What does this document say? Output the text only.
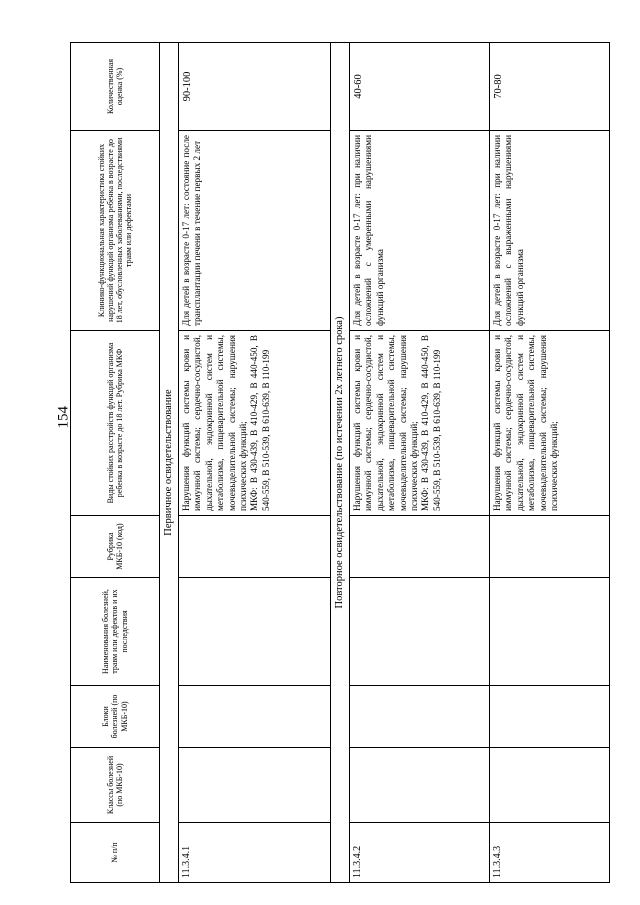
154
№ п/п	Классы болезней (по МКБ-10)	Блоки болезней (по МКБ-10)	Наименования болезней, травм или дефектов и их последствия	Рубрика МКБ-10 (код)	Виды стойких расстройств функций организма ребенка в возрасте до 18 лет. Рубрика МКФ	Клинико-функциональная характеристика стойких нарушений функций организма ребенка в возрасте до 18 лет, обусловленных заболеваниями, последствиями травм или дефектами	Количественная оценка (%)
Первичное освидетельствование							
11.3.4.1					Нарушения функций системы крови и иммунной системы; сердечно-сосудистой, дыхательной, эндокринной систем и метаболизма, пищеварительной системы, мочевыделительной системы; нарушения психических функций; МКФ: В 430-439, В 410-429, В 440-450, В 540-559, В 510-539, В 610-639, В 110-199	Для детей в возрасте 0-17 лет: состояние после трансплантации печени в течение первых 2 лет	90-100
Повторное освидетельствование (по истечении 2х летнего срока)							
11.3.4.2					Нарушения функций системы крови и иммунной системы; сердечно-сосудистой, дыхательной, эндокринной систем и метаболизма, пищеварительной системы, мочевыделительной системы; нарушения психических функций; МКФ: В 430-439, В 410-429, В 440-450, В 540-559, В 510-539, В 610-639, В 110-199	Для детей в возрасте 0-17 лет: при наличии осложнений с умеренными нарушениями функций организма	40-60
11.3.4.3					Нарушения функций системы крови и иммунной системы; сердечно-сосудистой, дыхательной, эндокринной систем и метаболизма, пищеварительной системы, мочевыделительной системы; нарушения психических функций;	Для детей в возрасте 0-17 лет: при наличии осложнений с выраженными нарушениями функций организма	70-80
